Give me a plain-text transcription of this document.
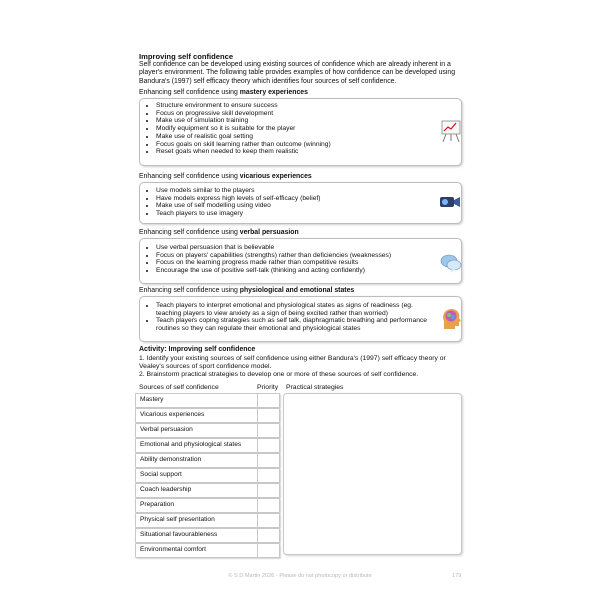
Improving self confidence
Self confidence can be developed using existing sources of confidence which are already inherent in a player's environment. The following table provides examples of how confidence can be developed using Bandura's (1997) self efficacy theory which identifies four sources of self confidence.
Enhancing self confidence using mastery experiences
• Structure environment to ensure success
• Focus on progressive skill development
• Make use of simulation training
• Modify equipment so it is suitable for the player
• Make use of realistic goal setting
• Focus goals on skill learning rather than outcome (winning)
• Reset goals when needed to keep them realistic
Enhancing self confidence using vicarious experiences
• Use models similar to the players
• Have models express high levels of self-efficacy (belief)
• Make use of self modelling using video
• Teach players to use imagery
Enhancing self confidence using verbal persuasion
• Use verbal persuasion that is believable
• Focus on players' capabilities (strengths) rather than deficiencies (weaknesses)
• Focus on the learning progress made rather than competitive results
• Encourage the use of positive self-talk (thinking and acting confidently)
Enhancing self confidence using physiological and emotional states
• Teach players to interpret emotional and physiological states as signs of readiness (eg. teaching players to view anxiety as a sign of being excited rather than worried)
• Teach players coping strategies such as self talk, diaphragmatic breathing and performance routines so they can regulate their emotional and physiological states
Activity: Improving self confidence
1. Identify your existing sources of self confidence using either Bandura's (1997) self efficacy theory or Vealey's sources of sport confidence model.
2. Brainstorm practical strategies to develop one or more of these sources of self confidence.
Sources of self confidence	Priority Practical strategies
Mastery
Vicarious experiences
Verbal persuasion
Emotional and physiological states
Ability demonstration
Social support
Coach leadership
Preparation
Physical self presentation
Situational favourableness
Environmental comfort
© S D Martin 2026 - Please do not photocopy or distribute	179
